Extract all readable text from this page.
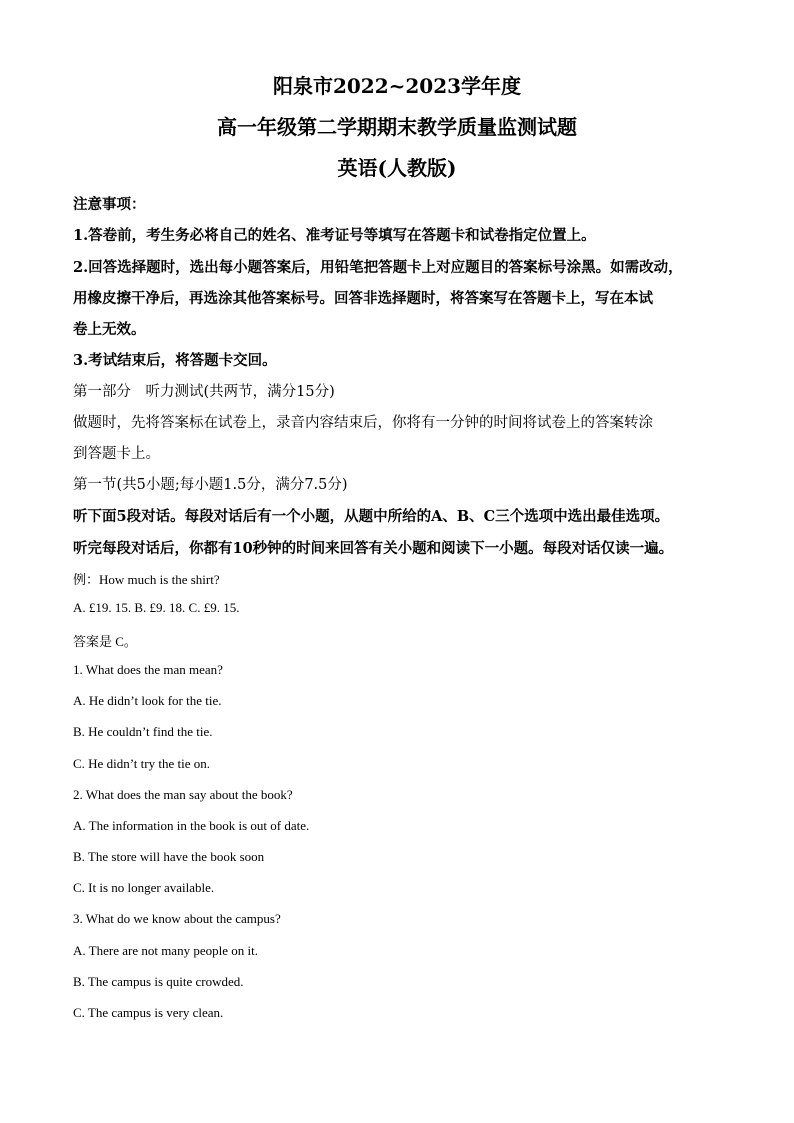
阳泉市2022~2023学年度
高一年级第二学期期末教学质量监测试题
英语(人教版)
注意事项：
1.答卷前，考生务必将自己的姓名、准考证号等填写在答题卡和试卷指定位置上。
2.回答选择题时，选出每小题答案后，用铅笔把答题卡上对应题目的答案标号涂黑。如需改动，
用橡皮擦干净后，再选涂其他答案标号。回答非选择题时，将答案写在答题卡上，写在本试
卷上无效。
3.考试结束后，将答题卡交回。
第一部分　听力测试(共两节，满分15分)
做题时，先将答案标在试卷上，录音内容结束后，你将有一分钟的时间将试卷上的答案转涂
到答题卡上。
第一节(共5小题;每小题1.5分，满分7.5分)
听下面5段对话。每段对话后有一个小题，从题中所给的A、B、C三个选项中选出最佳选项。
听完每段对话后，你都有10秒钟的时间来回答有关小题和阅读下一小题。每段对话仅读一遍。
例：How much is the shirt?
A. £19. 15. B. £9. 18. C. £9. 15.
答案是 C。
1. What does the man mean?
A. He didn’t look for the tie.
B. He couldn’t find the tie.
C. He didn’t try the tie on.
2. What does the man say about the book?
A. The information in the book is out of date.
B. The store will have the book soon
C. It is no longer available.
3. What do we know about the campus?
A. There are not many people on it.
B. The campus is quite crowded.
C. The campus is very clean.
